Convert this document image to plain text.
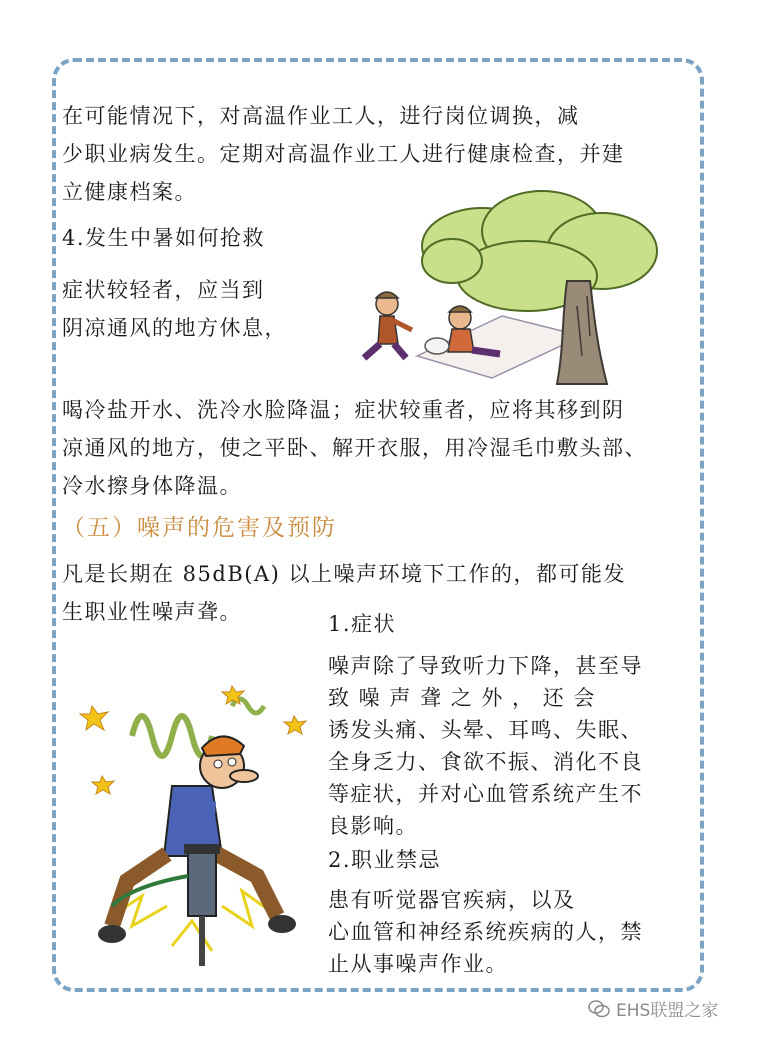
在可能情况下，对高温作业工人，进行岗位调换，减
少职业病发生。定期对高温作业工人进行健康检查，并建
立健康档案。
4.发生中暑如何抢救
症状较轻者，应当到
阴凉通风的地方休息，
喝冷盐开水、洗冷水脸降温；症状较重者，应将其移到阴
凉通风的地方，使之平卧、解开衣服，用冷湿毛巾敷头部、
冷水擦身体降温。
（五）噪声的危害及预防
凡是长期在 85dB(A) 以上噪声环境下工作的，都可能发
生职业性噪声聋。	1.症状
噪声除了导致听力下降，甚至导
致 噪 声 聋 之 外 ， 还 会
诱发头痛、头晕、耳鸣、失眠、
全身乏力、食欲不振、消化不良
等症状，并对心血管系统产生不
良影响。
2.职业禁忌
患有听觉器官疾病，以及
心血管和神经系统疾病的人，禁
止从事噪声作业。
EHS联盟之家
